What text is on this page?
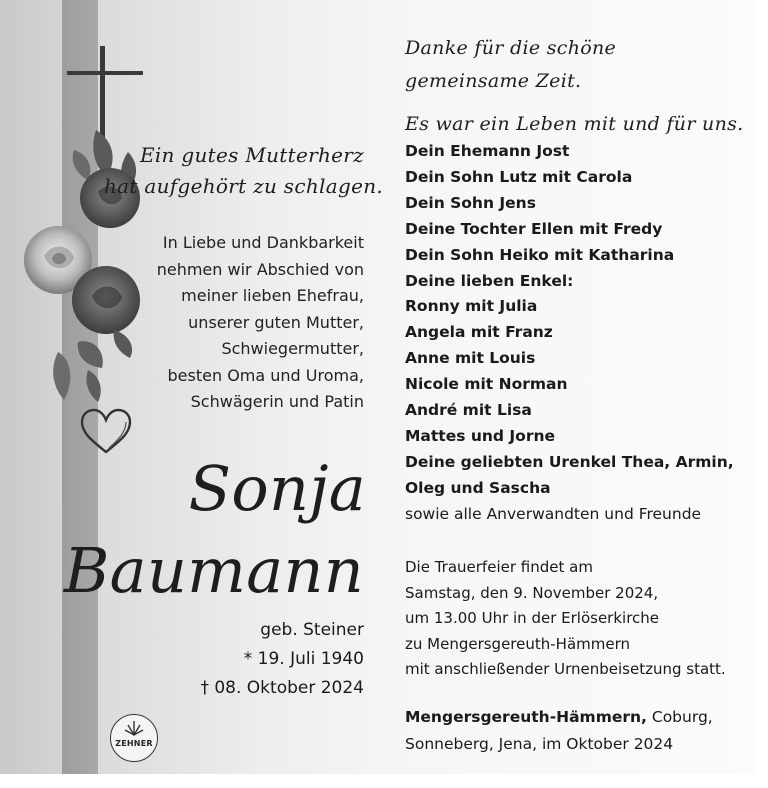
Ein gutes Mutterherz
hat aufgehört zu schlagen.
In Liebe und Dankbarkeit
nehmen wir Abschied von
meiner lieben Ehefrau,
unserer guten Mutter,
Schwiegermutter,
besten Oma und Uroma,
Schwägerin und Patin
Sonja
Baumann
geb. Steiner
* 19. Juli 1940
† 08. Oktober 2024
Danke für die schöne
gemeinsame Zeit.
Es war ein Leben mit und für uns.
Dein Ehemann Jost
Dein Sohn Lutz mit Carola
Dein Sohn Jens
Deine Tochter Ellen mit Fredy
Dein Sohn Heiko mit Katharina
Deine lieben Enkel:
Ronny mit Julia
Angela mit Franz
Anne mit Louis
Nicole mit Norman
André mit Lisa
Mattes und Jorne
Deine geliebten Urenkel Thea, Armin,
Oleg und Sascha
sowie alle Anverwandten und Freunde
Die Trauerfeier findet am
Samstag, den 9. November 2024,
um 13.00 Uhr in der Erlöserkirche
zu Mengersgereuth-Hämmern
mit anschließender Urnenbeisetzung statt.
Mengersgereuth-Hämmern, Coburg,
Sonneberg, Jena, im Oktober 2024
ZEHNER
